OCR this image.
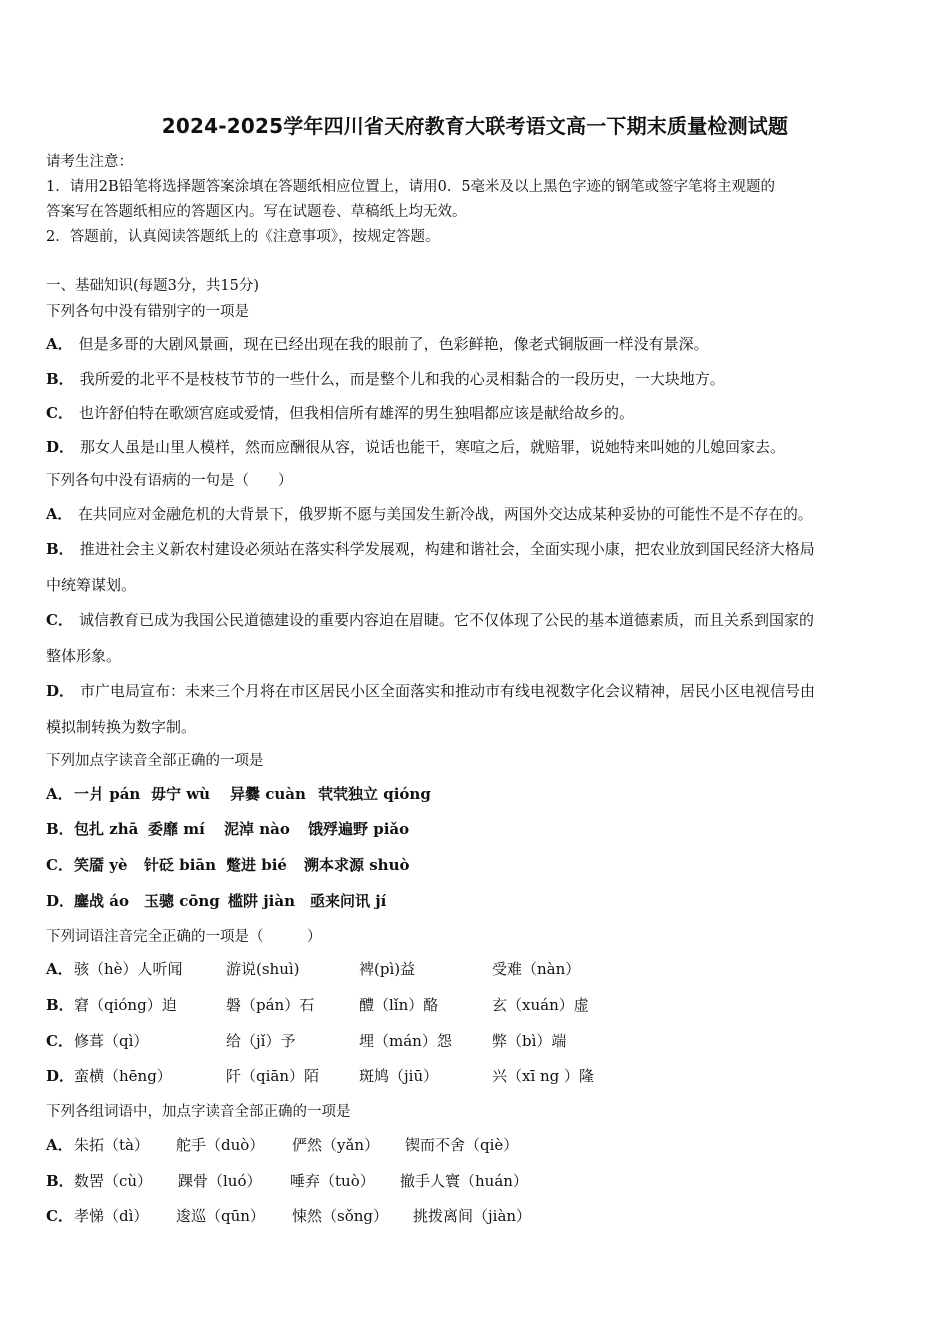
2024-2025学年四川省天府教育大联考语文高一下期末质量检测试题
请考生注意：
1．请用2B铅笔将选择题答案涂填在答题纸相应位置上，请用0．5毫米及以上黑色字迹的钢笔或签字笔将主观题的
答案写在答题纸相应的答题区内。写在试题卷、草稿纸上均无效。
2．答题前，认真阅读答题纸上的《注意事项》，按规定答题。
一、基础知识(每题3分，共15分)
下列各句中没有错别字的一项是
A． 但是多哥的大剧风景画，现在已经出现在我的眼前了，色彩鲜艳，像老式铜版画一样没有景深。
B． 我所爱的北平不是枝枝节节的一些什么，而是整个儿和我的心灵相黏合的一段历史，一大块地方。
C． 也许舒伯特在歌颂宫庭或爱情，但我相信所有雄浑的男生独唱都应该是献给故乡的。
D． 那女人虽是山里人模样，然而应酬很从容，说话也能干，寒喧之后，就赔罪，说她特来叫她的儿媳回家去。
下列各句中没有语病的一句是（　　）
A． 在共同应对金融危机的大背景下，俄罗斯不愿与美国发生新冷战，两国外交达成某种妥协的可能性不是不存在的。
B． 推进社会主义新农村建设必须站在落实科学发展观，构建和谐社会，全面实现小康，把农业放到国民经济大格局
中统筹谋划。
C． 诚信教育已成为我国公民道德建设的重要内容迫在眉睫。它不仅体现了公民的基本道德素质，而且关系到国家的
整体形象。
D． 市广电局宣布：未来三个月将在市区居民小区全面落实和推动市有线电视数字化会议精神，居民小区电视信号由
模拟制转换为数字制。
下列加点字读音全部正确的一项是
A． 一爿 pán 毋宁 wù 异爨 cuàn 茕茕独立 qióng
B． 包扎 zhā 委靡 mí 泥淖 nào 饿殍遍野 piǎo
C． 笑靥 yè 针砭 biān 蹩进 bié 溯本求源 shuò
D． 鏖战 áo 玉骢 cōng 槛阱 jiàn 亟来问讯 jí
下列词语注音完全正确的一项是（　　　）
A． 骇（hè）人听闻	游说(shuì)	裨(pì)益	受难（nàn）
B． 窘（qióng）迫	磐（pán）石	醴（lǐn）酪	玄（xuán）虚
C． 修葺（qì）	给（jǐ）予	埋（mán）怨	弊（bì）端
D． 蛮横（hēng）	阡（qiān）陌	斑鸠（jiū）	兴（xī ng ）隆
下列各组词语中，加点字读音全部正确的一项是
A． 朱拓（tà） 舵手（duò） 俨然（yǎn） 锲而不舍（qiè）
B． 数罟（cù） 踝骨（luó） 唾弃（tuò） 撤手人寰（huán）
C． 孝悌（dì） 逡巡（qūn） 悚然（sǒng） 挑拨离间（jiàn）
